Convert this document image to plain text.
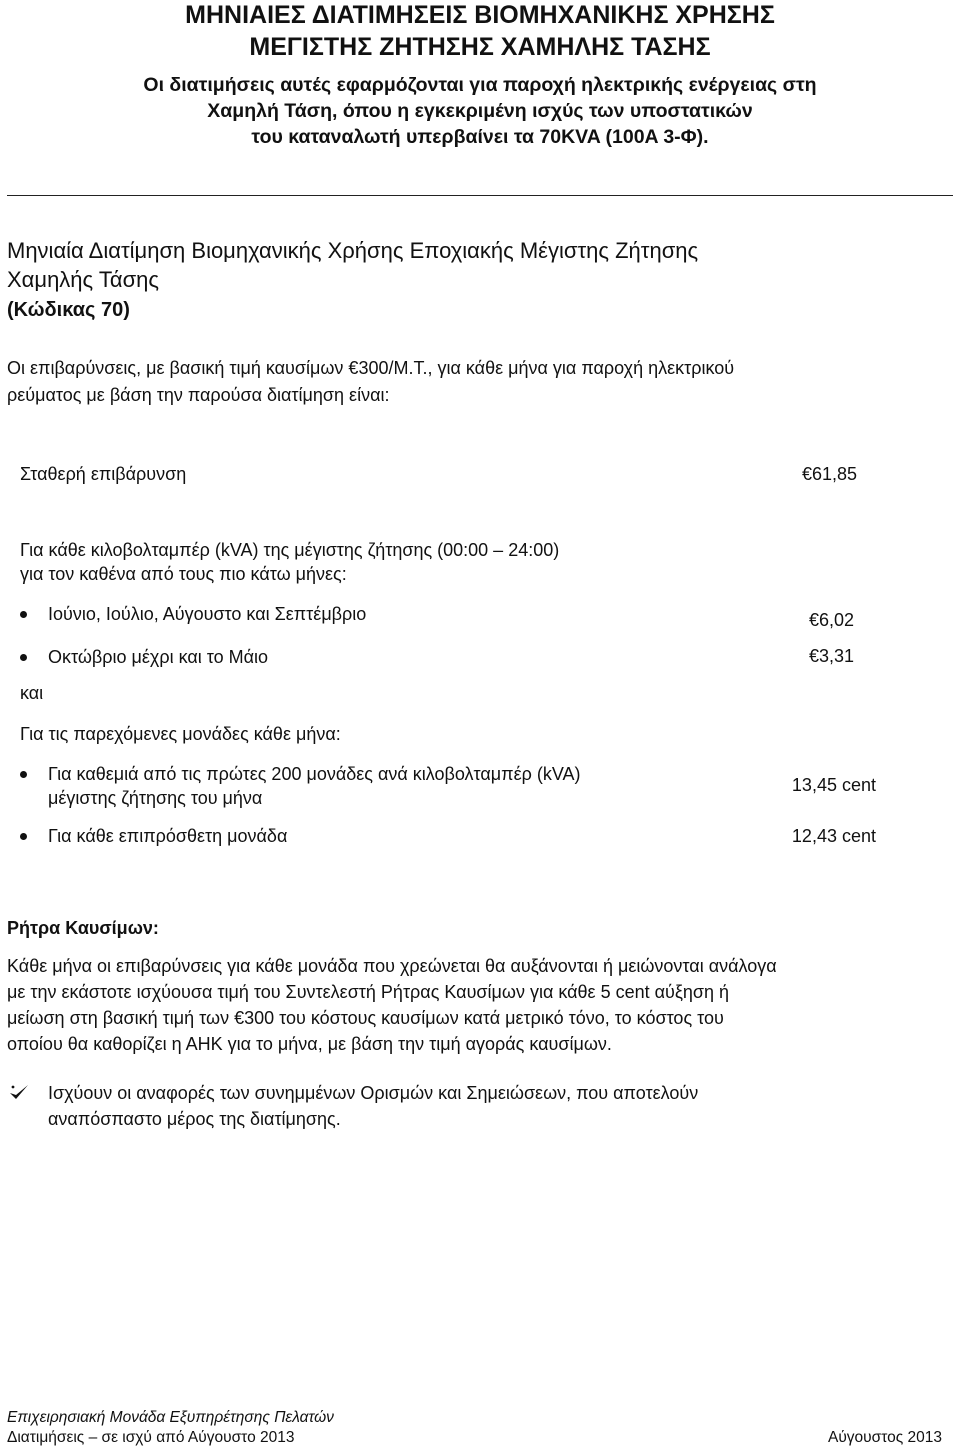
ΜΗΝΙΑΙΕΣ ΔΙΑΤΙΜΗΣΕΙΣ ΒΙΟΜΗΧΑΝΙΚΗΣ ΧΡΗΣΗΣ
ΜΕΓΙΣΤΗΣ ΖΗΤΗΣΗΣ ΧΑΜΗΛΗΣ ΤΑΣΗΣ
Οι διατιμήσεις αυτές εφαρμόζονται για παροχή ηλεκτρικής ενέργειας στη
Χαμηλή Τάση, όπου η εγκεκριμένη ισχύς των υποστατικών
του καταναλωτή υπερβαίνει τα 70KVA (100A 3-Φ).
Μηνιαία Διατίμηση Βιομηχανικής Χρήσης Εποχιακής Μέγιστης Ζήτησης
Χαμηλής Τάσης
(Κώδικας 70)
Οι επιβαρύνσεις, με βασική τιμή καυσίμων €300/Μ.Τ., για κάθε μήνα για παροχή ηλεκτρικού
ρεύματος με βάση την παρούσα διατίμηση είναι:
Σταθερή επιβάρυνση	€61,85
Για κάθε κιλοβολταμπέρ (kVA) της μέγιστης ζήτησης (00:00 – 24:00)
για τον καθένα από τους πιο κάτω μήνες:
Ιούνιο, Ιούλιο, Αύγουστο και Σεπτέμβριο	€6,02
Οκτώβριο μέχρι και το Μάιο	€3,31
και
Για τις παρεχόμενες μονάδες κάθε μήνα:
Για καθεμιά από τις πρώτες 200 μονάδες ανά κιλοβολταμπέρ (kVA)
μέγιστης ζήτησης του μήνα
13,45 cent
Για κάθε επιπρόσθετη μονάδα	12,43 cent
Ρήτρα Καυσίμων:
Κάθε μήνα οι επιβαρύνσεις για κάθε μονάδα που χρεώνεται θα αυξάνονται ή μειώνονται ανάλογα
με την εκάστοτε ισχύουσα τιμή του Συντελεστή Ρήτρας Καυσίμων για κάθε 5 cent αύξηση ή
μείωση στη βασική τιμή των €300 του κόστους καυσίμων κατά μετρικό τόνο, το κόστος του
οποίου θα καθορίζει η ΑΗΚ για το μήνα, με βάση την τιμή αγοράς καυσίμων.
Ισχύουν οι αναφορές των συνημμένων Ορισμών και Σημειώσεων, που αποτελούν
αναπόσπαστο μέρος της διατίμησης.
Επιχειρησιακή Μονάδα Εξυπηρέτησης Πελατών
Διατιμήσεις – σε ισχύ από Αύγουστο 2013	Αύγουστος 2013
